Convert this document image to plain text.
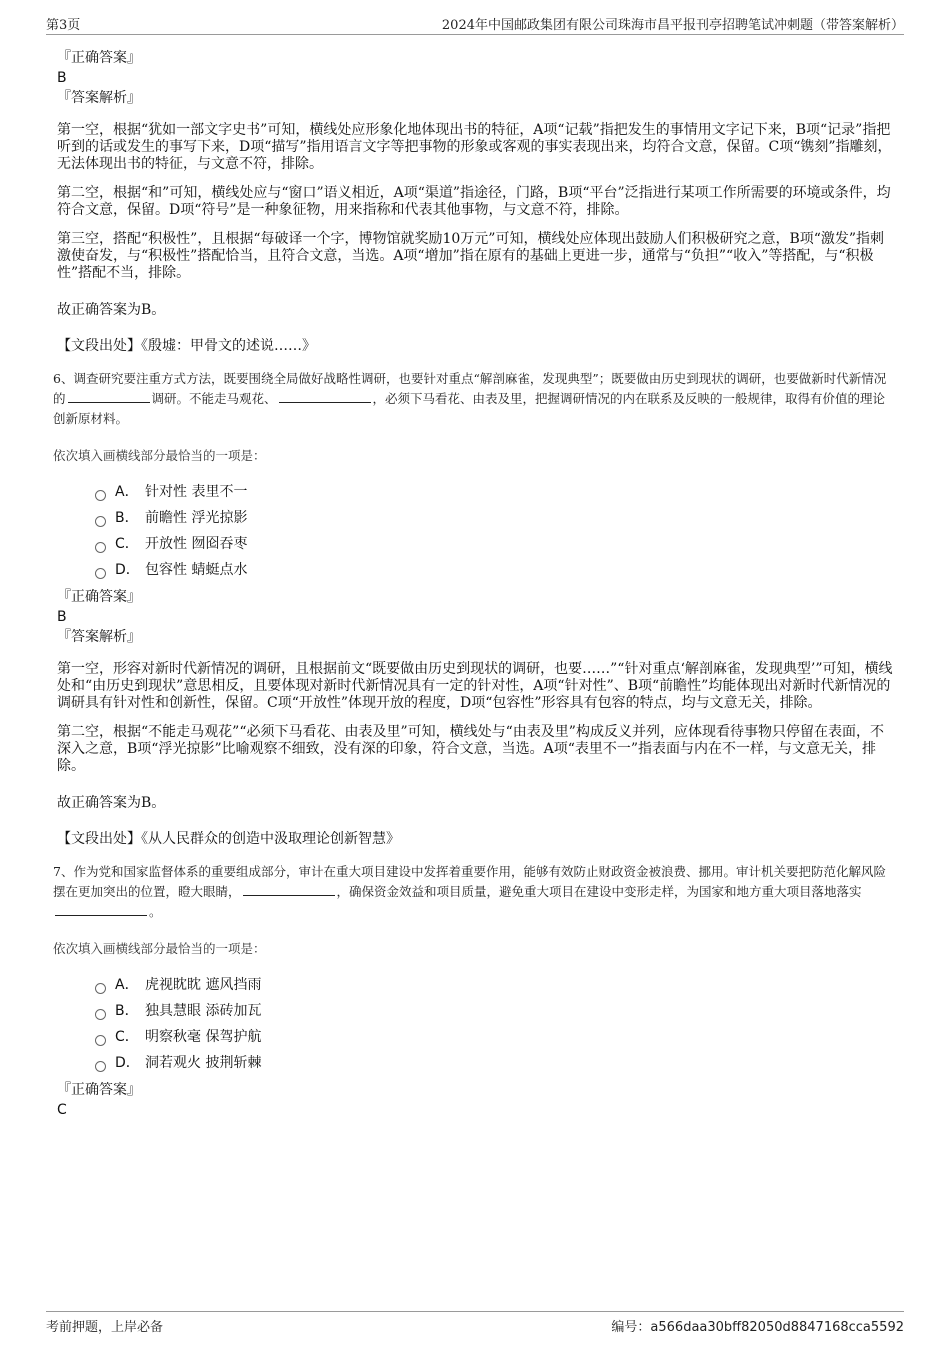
第3页	2024年中国邮政集团有限公司珠海市昌平报刊亭招聘笔试冲刺题（带答案解析）
『正确答案』
B
『答案解析』

第一空，根据“犹如一部文字史书”可知，横线处应形象化地体现出书的特征，A项“记载”指把发生的事情用文字记下来，B项“记录”指把听到的话或发生的事写下来，D项“描写”指用语言文字等把事物的形象或客观的事实表现出来，均符合文意，保留。C项“镌刻”指雕刻，无法体现出书的特征，与文意不符，排除。

第二空，根据“和”可知，横线处应与“窗口”语义相近，A项“渠道”指途径，门路，B项“平台”泛指进行某项工作所需要的环境或条件，均符合文意，保留。D项“符号”是一种象征物，用来指称和代表其他事物，与文意不符，排除。

第三空，搭配“积极性”，且根据“每破译一个字，博物馆就奖励10万元”可知，横线处应体现出鼓励人们积极研究之意，B项“激发”指刺激使奋发，与“积极性”搭配恰当，且符合文意，当选。A项“增加”指在原有的基础上更进一步，通常与“负担”“收入”等搭配，与“积极性”搭配不当，排除。

故正确答案为B。

【文段出处】《殷墟：甲骨文的述说……》

6、调查研究要注重方式方法，既要围绕全局做好战略性调研，也要针对重点“解剖麻雀，发现典型”；既要做由历史到现状的调研，也要做新时代新情况的	调研。不能走马观花、	，必须下马看花、由表及里，把握调研情况的内在联系及反映的一般规律，取得有价值的理论创新原材料。
依次填入画横线部分最恰当的一项是：
A． 针对性 表里不一
B． 前瞻性 浮光掠影
C． 开放性 囫囵吞枣
D． 包容性 蜻蜓点水
『正确答案』
B
『答案解析』

第一空，形容对新时代新情况的调研，且根据前文“既要做由历史到现状的调研，也要……”“针对重点‘解剖麻雀，发现典型’”可知，横线处和“由历史到现状”意思相反，且要体现对新时代新情况具有一定的针对性，A项“针对性”、B项“前瞻性”均能体现出对新时代新情况的调研具有针对性和创新性，保留。C项“开放性”体现开放的程度，D项“包容性”形容具有包容的特点，均与文意无关，排除。

第二空，根据“不能走马观花”“必须下马看花、由表及里”可知，横线处与“由表及里”构成反义并列，应体现看待事物只停留在表面，不深入之意，B项“浮光掠影”比喻观察不细致，没有深的印象，符合文意，当选。A项“表里不一”指表面与内在不一样，与文意无关，排除。

故正确答案为B。

【文段出处】《从人民群众的创造中汲取理论创新智慧》

7、作为党和国家监督体系的重要组成部分，审计在重大项目建设中发挥着重要作用，能够有效防止财政资金被浪费、挪用。审计机关要把防范化解风险摆在更加突出的位置，瞪大眼睛，	，确保资金效益和项目质量，避免重大项目在建设中变形走样，为国家和地方重大项目落地落实。
依次填入画横线部分最恰当的一项是：
A． 虎视眈眈 遮风挡雨
B． 独具慧眼 添砖加瓦
C． 明察秋毫 保驾护航
D． 洞若观火 披荆斩棘
『正确答案』
C
考前押题，上岸必备	编号：a566daa30bff82050d8847168cca5592
